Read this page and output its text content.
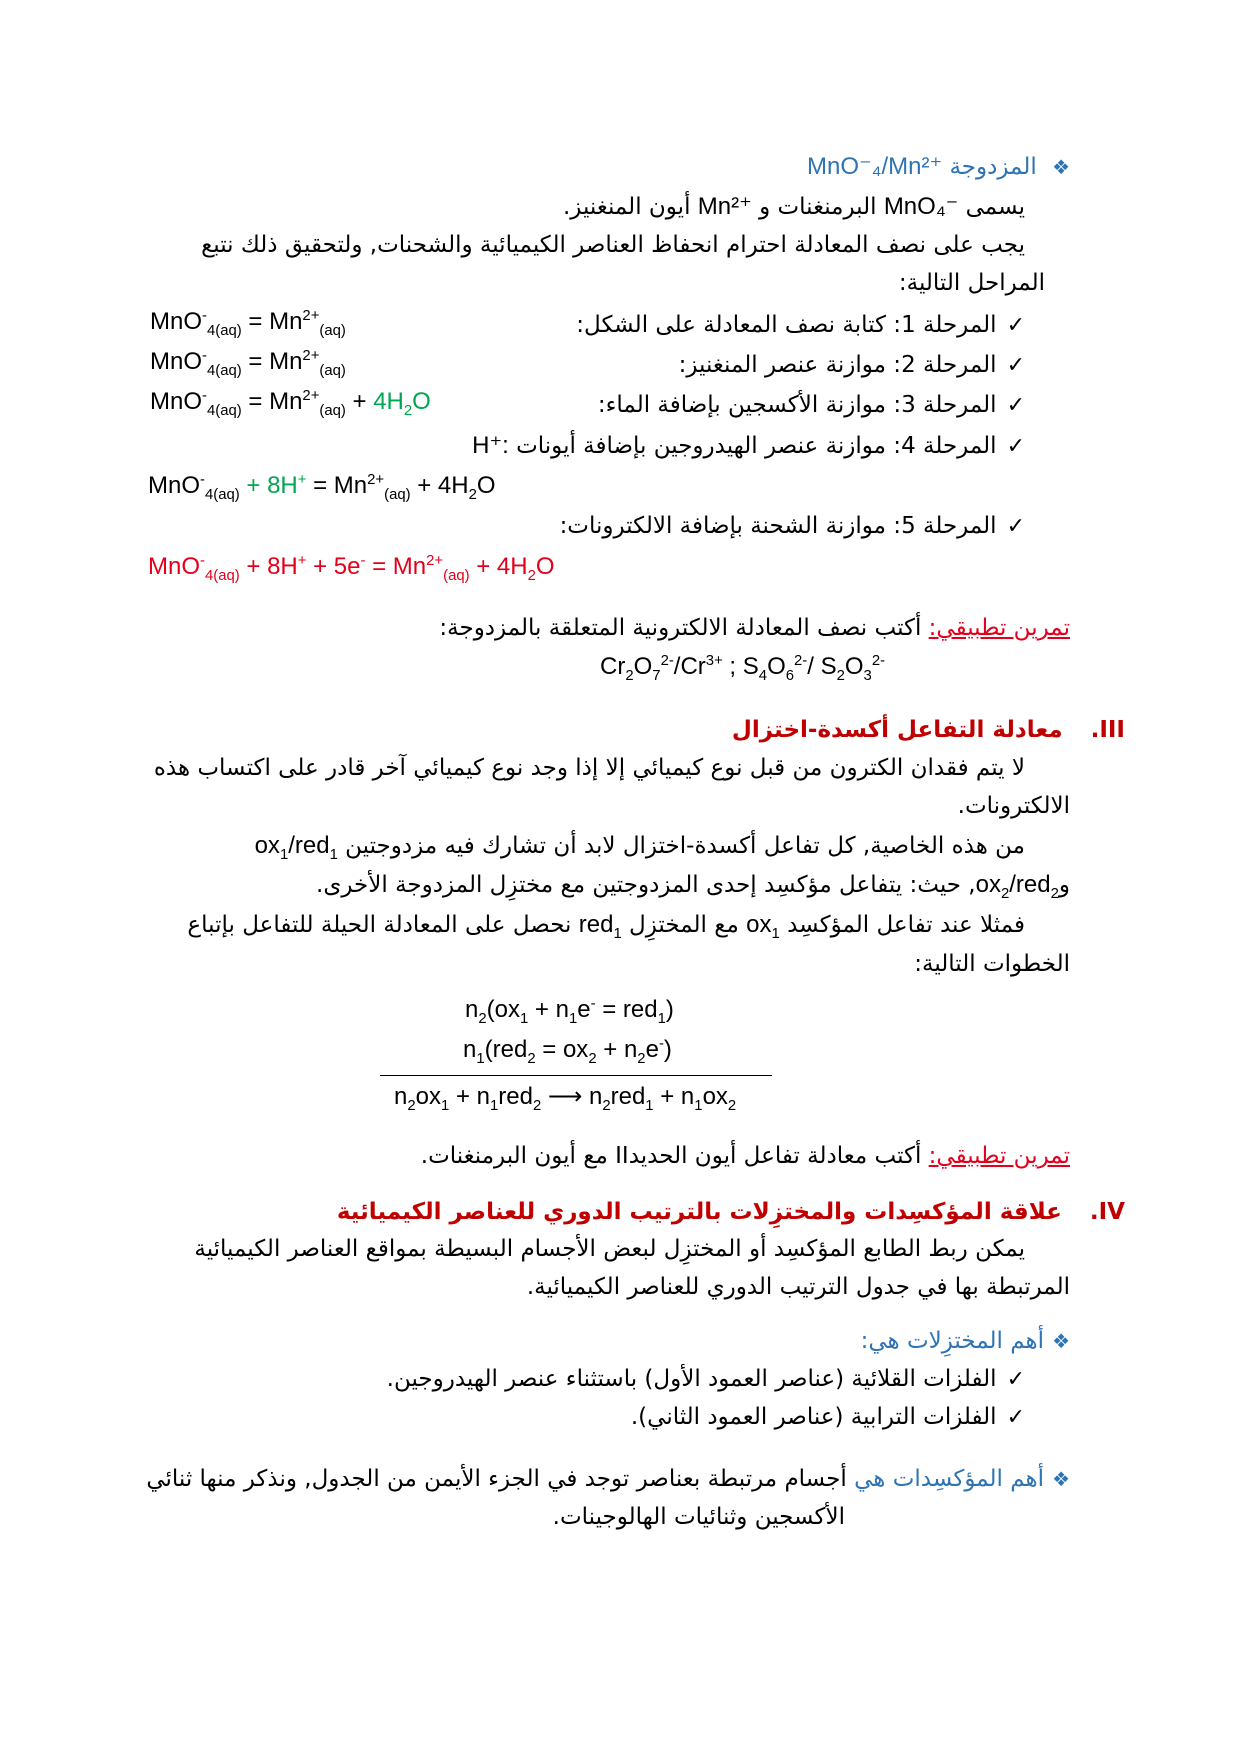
❖ المزدوجة MnO⁻₄/Mn²⁺
يسمى MnO₄⁻ البرمنغنات و Mn²⁺ أيون المنغنيز.
يجب على نصف المعادلة احترام انحفاظ العناصر الكيميائية والشحنات, ولتحقيق ذلك نتبع
المراحل التالية:
✓المرحلة 1: كتابة نصف المعادلة على الشكل:
$MnO^-_{4(aq)} = Mn^{2+}_{(aq)}$
✓المرحلة 2: موازنة عنصر المنغنيز:
$MnO^-_{4(aq)} = Mn^{2+}_{(aq)}$
✓المرحلة 3: موازنة الأكسجين بإضافة الماء:
$MnO^-_{4(aq)} = Mn^{2+}_{(aq)} + 4H_2O$
✓المرحلة 4: موازنة عنصر الهيدروجين بإضافة أيونات H⁺:
$MnO^-_{4(aq)} + 8H^+ = Mn^{2+}_{(aq)} + 4H_2O$
✓المرحلة 5: موازنة الشحنة بإضافة الالكترونات:
$MnO^-_{4(aq)} + 8H^+ + 5e^- = Mn^{2+}_{(aq)} + 4H_2O$
تمرين تطبيقي: أكتب نصف المعادلة الالكترونية المتعلقة بالمزدوجة:
$Cr_2O_7^{2-}/Cr^{3+}$ ; $S_4O_6^{2-}/$ $S_2O_3^{2-}$
.IIIمعادلة التفاعل أكسدة-اختزال
لا يتم فقدان الكترون من قبل نوع كيميائي إلا إذا وجد نوع كيميائي آخر قادر على اكتساب هذه
الالكترونات.
من هذه الخاصية, كل تفاعل أكسدة-اختزال لابد أن تشارك فيه مزدوجتين $ox_1/red_1$
وox$_2$/red$_2$, حيث: يتفاعل مؤكسِد إحدى المزدوجتين مع مختزِل المزدوجة الأخرى.
فمثلا عند تفاعل المؤكسِد $ox_1$ مع المختزِل red$_1$ نحصل على المعادلة الحيلة للتفاعل بإتباع
الخطوات التالية:
$n_2(ox_1 + n_1e^- = red_1)$
$n_1(red_2 = ox_2 + n_2e^-)$
$n_2ox_1 + n_1red_2$ ⟶ $n_2red_1 + n_1ox_2$
تمرين تطبيقي: أكتب معادلة تفاعل أيون الحديدII مع أيون البرمنغنات.
.IVعلاقة المؤكسِدات والمختزِلات بالترتيب الدوري للعناصر الكيميائية
يمكن ربط الطابع المؤكسِد أو المختزِل لبعض الأجسام البسيطة بمواقع العناصر الكيميائية
المرتبطة بها في جدول الترتيب الدوري للعناصر الكيميائية.
❖أهم المختزِلات هي:
✓الفلزات القلائية (عناصر العمود الأول) باستثناء عنصر الهيدروجين.
✓الفلزات الترابية (عناصر العمود الثاني).
❖أهم المؤكسِدات هي أجسام مرتبطة بعناصر توجد في الجزء الأيمن من الجدول, ونذكر منها ثنائي
الأكسجين وثنائيات الهالوجينات.
